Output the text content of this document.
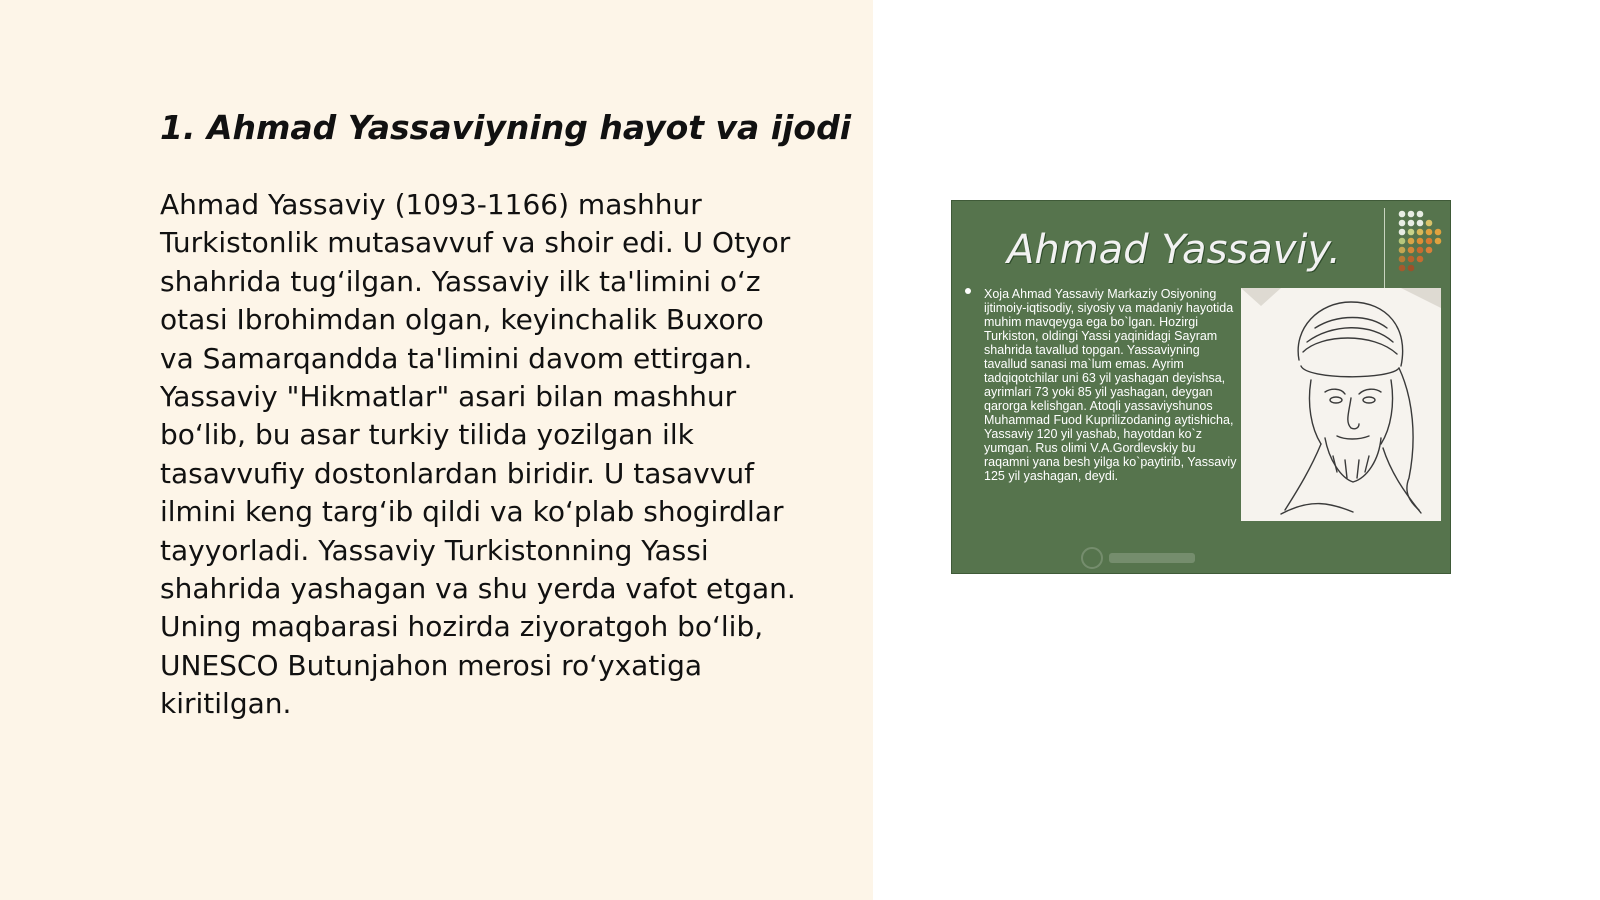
1. Ahmad Yassaviyning hayot va ijodi

Ahmad Yassaviy (1093-1166) mashhur
Turkistonlik mutasavvuf va shoir edi. U Otyor
shahrida tug‘ilgan. Yassaviy ilk ta'limini o‘z
otasi Ibrohimdan olgan, keyinchalik Buxoro
va Samarqandda ta'limini davom ettirgan.
Yassaviy "Hikmatlar" asari bilan mashhur
bo‘lib, bu asar turkiy tilida yozilgan ilk
tasavvufiy dostonlardan biridir. U tasavvuf
ilmini keng targ‘ib qildi va ko‘plab shogirdlar
tayyorladi. Yassaviy Turkistonning Yassi
shahrida yashagan va shu yerda vafot etgan.
Uning maqbarasi hozirda ziyoratgoh bo‘lib,
UNESCO Butunjahon merosi ro‘yxatiga
kiritilgan.

Ahmad Yassaviy.
Xoja Ahmad Yassaviy Markaziy Osiyoning ijtimoiy-iqtisodiy, siyosiy va madaniy hayotida muhim mavqeyga ega bo`lgan. Hozirgi Turkiston, oldingi Yassi yaqinidagi Sayram shahrida tavallud topgan. Yassaviyning tavallud sanasi ma`lum emas. Ayrim tadqiqotchilar uni 63 yil yashagan deyishsa, ayrimlari 73 yoki 85 yil yashagan, deygan qarorga kelishgan. Atoqli yassaviyshunos Muhammad Fuod Kuprilizodaning aytishicha, Yassaviy 120 yil yashab, hayotdan ko`z yumgan. Rus olimi V.A.Gordlevskiy bu raqamni yana besh yilga ko`paytirib, Yassaviy 125 yil yashagan, deydi.
